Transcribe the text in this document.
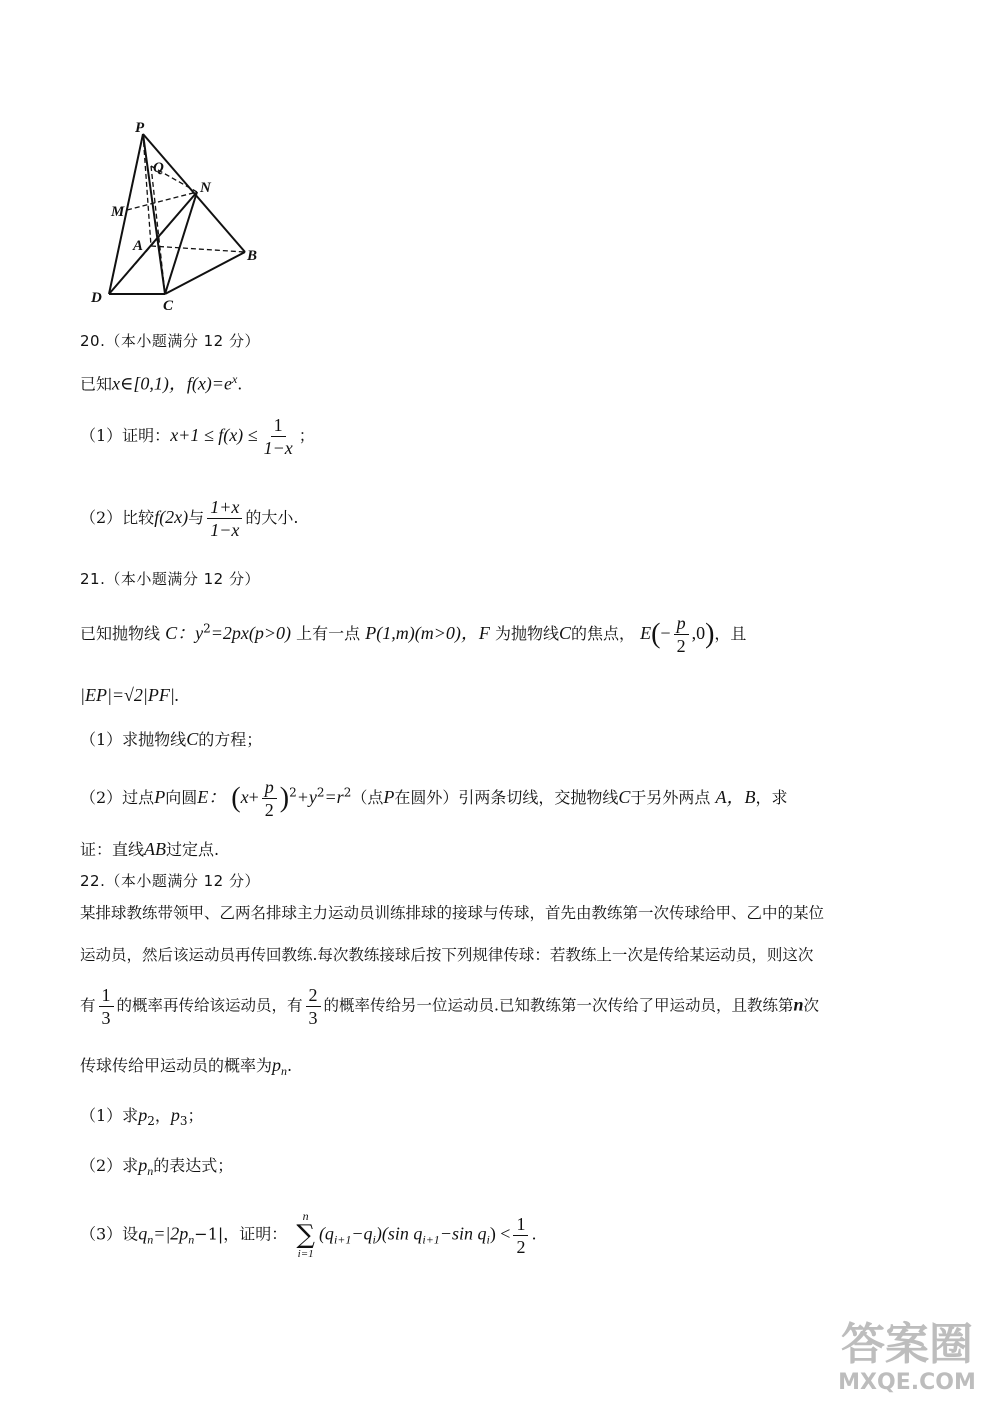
P
Q
N
M
A
B
D	C
20.（本小题满分 12 分）
已知x∈[0,1)，$f(x)=e^x$.
（1）证明：$x+1 \le f(x) \le \frac{1}{1-x}$ ；
（2）比较f(2x)与 $\frac{1+x}{1-x}$ 的大小.
21.（本小题满分 12 分）
已知抛物线 C：$y^2=2px(p>0)$ 上有一点 P(1,m)(m>0)，F 为抛物线C的焦点， $E(- \frac{p}{2} ,0)$，且
|EP|=√2|PF|.
（1）求抛物线C的方程；
（2）过点P向圆E： $(x+ \frac{p}{2} )^2+y^2=r^2$（点P在圆外）引两条切线，交抛物线C于另外两点 A，B，求
证：直线AB过定点.
22.（本小题满分 12 分）
某排球教练带领甲、乙两名排球主力运动员训练排球的接球与传球，首先由教练第一次传球给甲、乙中的某位
运动员，然后该运动员再传回教练.每次教练接球后按下列规律传球：若教练上一次是传给某运动员，则这次
有 $\frac{1}{3}$ 的概率再传给该运动员，有 $\frac{2}{3}$ 的概率传给另一位运动员.已知教练第一次传给了甲运动员，且教练第n次
传球传给甲运动员的概率为$p_n$.
（1）求$p_2$，$p_3$；
（2）求$p_n$的表达式；
（3）设$q_n=|2p_n-1|$，证明：
n
∑
i=1
$(q_{i+1}-q_i)(\sin$ $q_{i+1}-\sin$ $q_i) < \frac{1}{2}$ .
答案圈
MXQE.COM
